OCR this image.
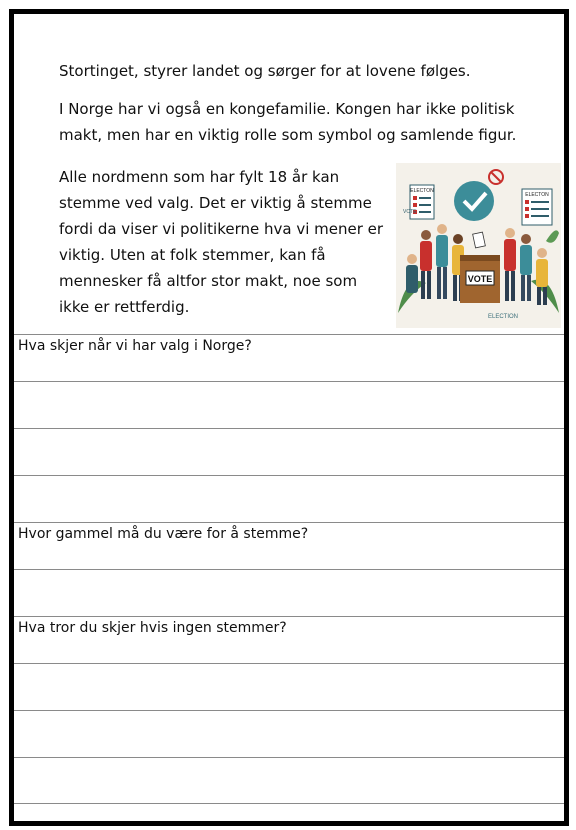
Stortinget, styrer landet og sørger for at lovene følges.

I Norge har vi også en kongefamilie. Kongen har ikke politisk makt, men har en viktig rolle som symbol og samlende figur.

Alle nordmenn som har fylt 18 år kan stemme ved valg. Det er viktig å stemme fordi da viser vi politikerne hva vi mener er viktig. Uten at folk stemmer, kan få mennesker få altfor stor makt, noe som ikke er rettferdig.

ELECTON
VOTE
ELECTON
VOTE
ELECTION
Hva skjer når vi har valg i Norge?
Hvor gammel må du være for å stemme?
Hva tror du skjer hvis ingen stemmer?
